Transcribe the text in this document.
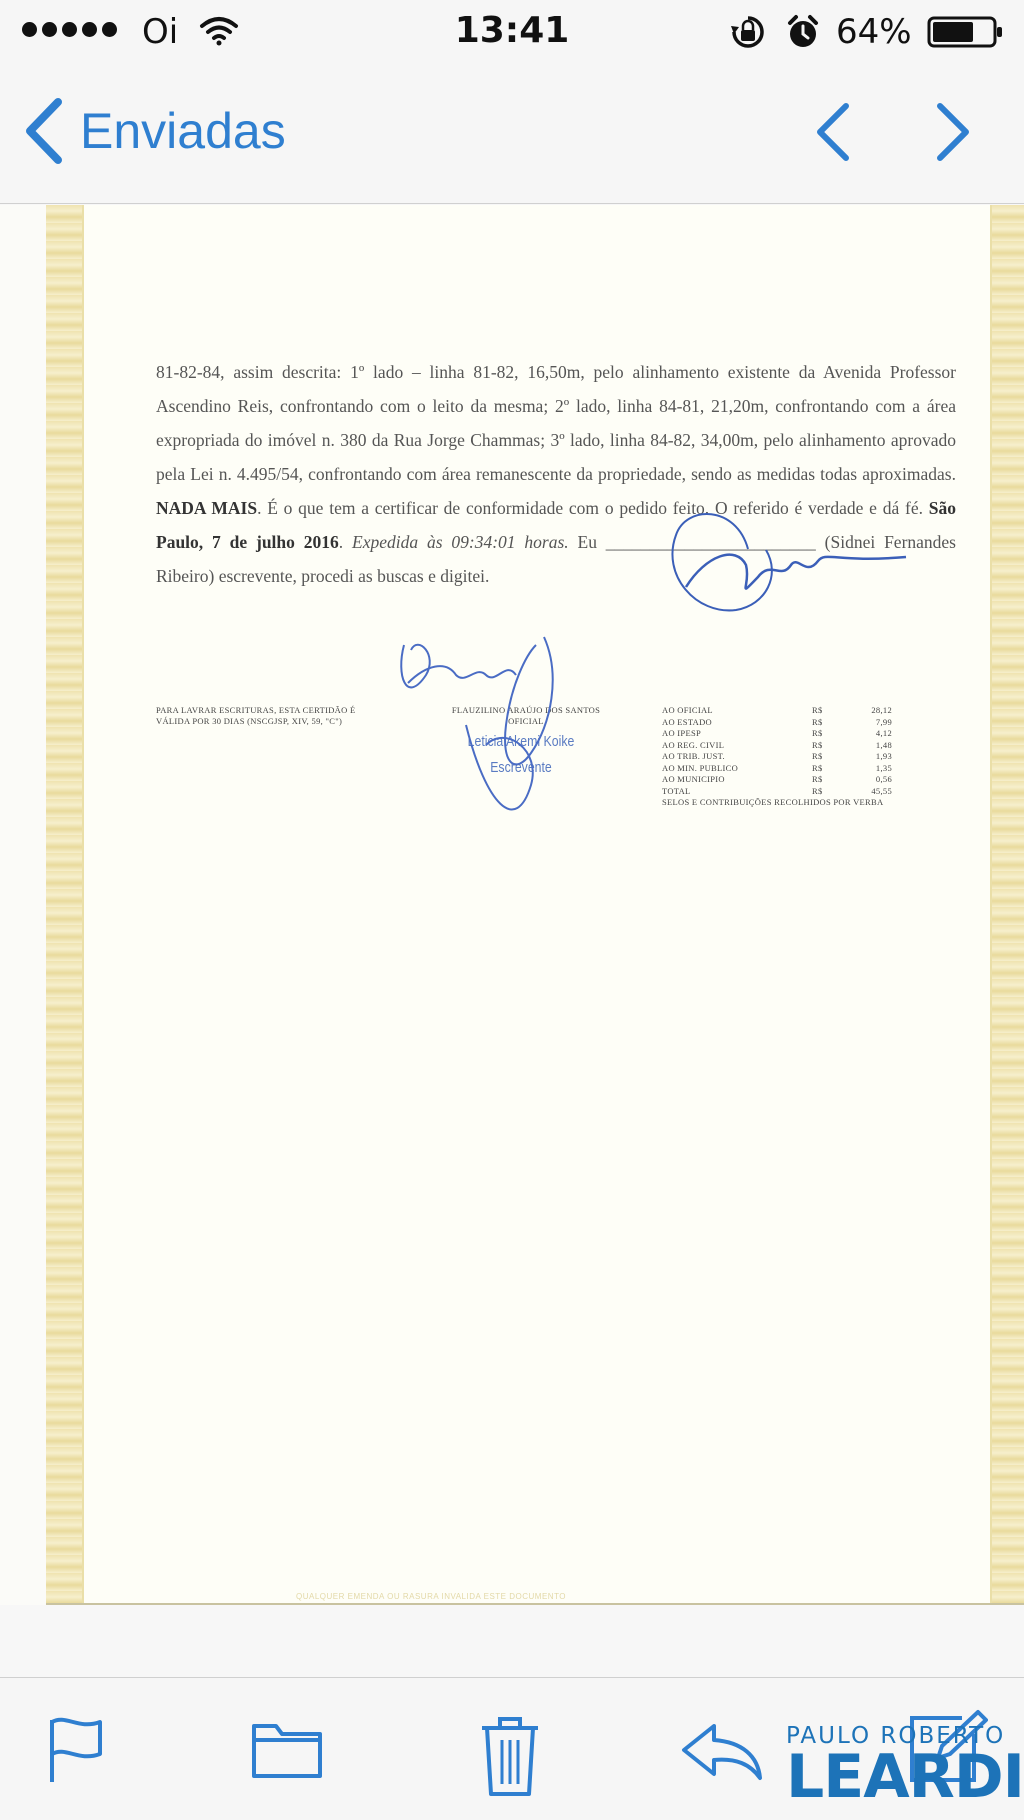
Oi	13:41	64%
Enviadas
81-82-84, assim descrita: 1º lado – linha 81-82, 16,50m, pelo alinhamento existente da Avenida Professor Ascendino Reis, confrontando com o leito da mesma; 2º lado, linha 84-81, 21,20m, confrontando com a área expropriada do imóvel n. 380 da Rua Jorge Chammas; 3º lado, linha 84-82, 34,00m, pelo alinhamento aprovado pela Lei n. 4.495/54, confrontando com área remanescente da propriedade, sendo as medidas todas aproximadas. NADA MAIS. É o que tem a certificar de conformidade com o pedido feito. O referido é verdade e dá fé. São Paulo, 7 de julho 2016. Expedida às 09:34:01 horas. Eu ________________________ (Sidnei Fernandes Ribeiro) escrevente, procedi as buscas e digitei.
PARA LAVRAR ESCRITURAS, ESTA CERTIDÃO É VÁLIDA POR 30 DIAS (NSCGJSP, XIV, 59, "C")
FLAUZILINO ARAÚJO DOS SANTOS
OFICIAL
Leticia Akemi Koike
Escrevente
AO OFICIAL	R$	28,12
AO ESTADO	R$	7,99
AO IPESP	R$	4,12
AO REG. CIVIL	R$	1,48
AO TRIB. JUST.	R$	1,93
AO MIN. PUBLICO	R$	1,35
AO MUNICIPIO	R$	0,56
TOTAL	R$	45,55
SELOS E CONTRIBUIÇÕES RECOLHIDOS POR VERBA
QUALQUER EMENDA OU RASURA INVALIDA ESTE DOCUMENTO
PAULO ROBERTO
LEARDI
